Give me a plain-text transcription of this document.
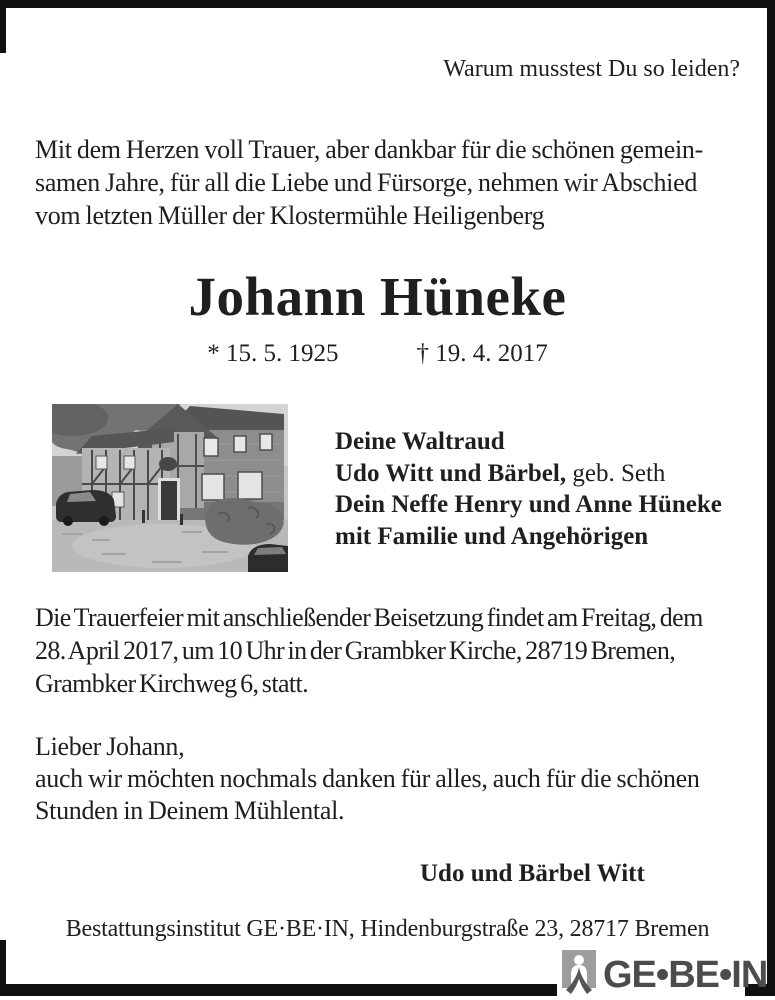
Warum musstest Du so leiden?
Mit dem Herzen voll Trauer, aber dankbar für die schönen gemein-
samen Jahre, für all die Liebe und Fürsorge, nehmen wir Abschied
vom letzten Müller der Klostermühle Heiligenberg
Johann Hüneke
* 15. 5. 1925	† 19. 4. 2017
Deine Waltraud
Udo Witt und Bärbel, geb. Seth
Dein Neffe Henry und Anne Hüneke
mit Familie und Angehörigen
Die Trauerfeier mit anschließender Beisetzung findet am Freitag, dem
28. April 2017, um 10 Uhr in der Grambker Kirche, 28719 Bremen,
Grambker Kirchweg 6, statt.
Lieber Johann,
auch wir möchten nochmals danken für alles, auch für die schönen
Stunden in Deinem Mühlental.
Udo und Bärbel Witt
Bestattungsinstitut GE·BE·IN, Hindenburgstraße 23, 28717 Bremen
GE•BE•IN
